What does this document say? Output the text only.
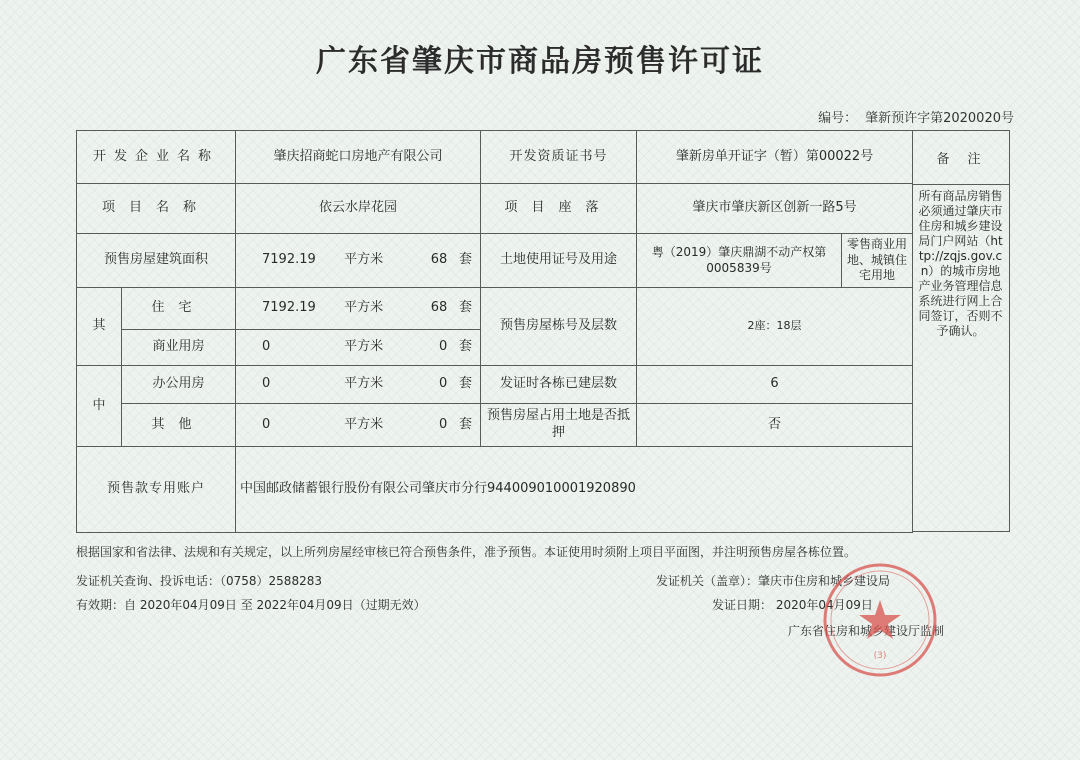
广东省肇庆市商品房预售许可证
编号： 肇新预许字第2020020号
开发企业名称		肇庆招商蛇口房地产有限公司	开发资质证书号	肇新房单开证字（暂）第00022号	
项目名称		依云水岸花园	项目座落	肇庆市肇庆新区创新一路5号	
预售房屋建筑面积		7192.19 平方米 68 套	土地使用证号及用途	粤（2019）肇庆鼎湖不动产权第0005839号	零售商业用地、城镇住宅用地
其	住宅	7192.19 平方米 68 套	预售房屋栋号及层数	2座：18层	
	商业用房	0 平方米 0 套			

中	办公用房	0 平方米 0 套	发证时各栋已建层数	6	
	其他	0 平方米 0 套	预售房屋占用土地是否抵押	否	
预售款专用账户		中国邮政储蓄银行股份有限公司肇庆市分行944009010001920890			
备注
所有商品房销售必须通过肇庆市住房和城乡建设局门户网站（http://zqjs.gov.cn）的城市房地产业务管理信息系统进行网上合同签订，否则不予确认。
根据国家和省法律、法规和有关规定，以上所列房屋经审核已符合预售条件，准予预售。本证使用时须附上项目平面图，并注明预售房屋各栋位置。
发证机关查询、投诉电话：（0758）2588283
有效期：自 2020年04月09日 至 2022年04月09日（过期无效）
发证机关（盖章）：肇庆市住房和城乡建设局
发证日期： 2020年04月09日
广东省住房和城乡建设厅监制
(3)
